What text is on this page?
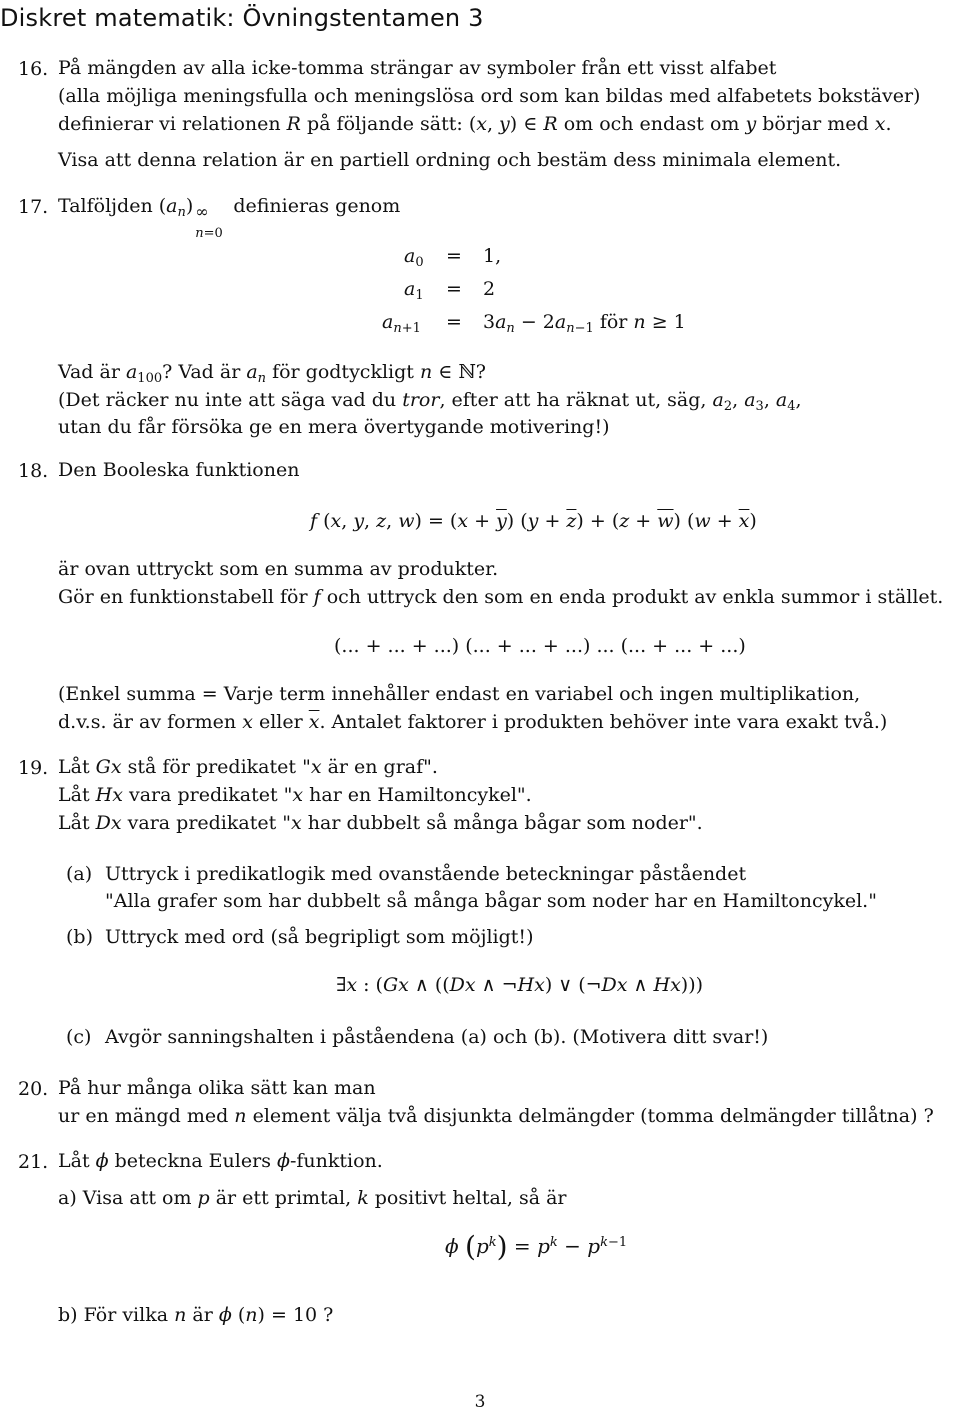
Diskret matematik: Övningstentamen 3
16. På mängden av alla icke-tomma strängar av symboler från ett visst alfabet
(alla möjliga meningsfulla och meningslösa ord som kan bildas med alfabetets bokstäver)
definierar vi relationen R på följande sätt: (x, y) ∈ R om och endast om y börjar med x.
Visa att denna relation är en partiell ordning och bestäm dess minimala element.
17. Talföljden $(a_n)$ ∞
n=0
definieras genom
$a_0 = 1$,
$a_1 = 2$
$a_{n+1} = 3a_n - 2a_{n-1}$ för n ≥ 1
Vad är $a_{100}$? Vad är $a_n$ för godtyckligt n ∈ ℕ?
(Det räcker nu inte att säga vad du tror, efter att ha räknat ut, säg, $a_2$, $a_3$, $a_4$,
utan du får försöka ge en mera övertygande motivering!)
18. Den Booleska funktionen
f (x, y, z, $w) = (x + \overline{y})$ $(y + \overline{z}) + (z + \overline{w})$ $(w + \overline{x})$
är ovan uttryckt som en summa av produkter.
Gör en funktionstabell för f och uttryck den som en enda produkt av enkla summor i stället.
(... + ... + ...) (... + ... + ...) ... (... + ... + ...)
(Enkel summa = Varje term innehåller endast en variabel och ingen multiplikation,
d.v.s. är av formen x eller $\overline{x}$. Antalet faktorer i produkten behöver inte vara exakt två.)
19. Låt Gx stå för predikatet "x är en graf".
Låt Hx vara predikatet "x har en Hamiltoncykel".
Låt Dx vara predikatet "x har dubbelt så många bågar som noder".
(a) Uttryck i predikatlogik med ovanstående beteckningar påståendet
"Alla grafer som har dubbelt så många bågar som noder har en Hamiltoncykel."
(b) Uttryck med ord (så begripligt som möjligt!)
∃x : (Gx ∧ ((Dx ∧ ¬Hx) ∨ (¬Dx ∧ Hx)))
(c) Avgör sanningshalten i påståendena (a) och (b). (Motivera ditt svar!)
20. På hur många olika sätt kan man
ur en mängd med n element välja två disjunkta delmängder (tomma delmängder tillåtna) ?
21. Låt ϕ beteckna Eulers ϕ-funktion.
a) Visa att om p är ett primtal, k positivt heltal, så är
ϕ $(p^k) = p^k - p^{k-1}$
b) För vilka n är ϕ (n) = 10 ?
3
